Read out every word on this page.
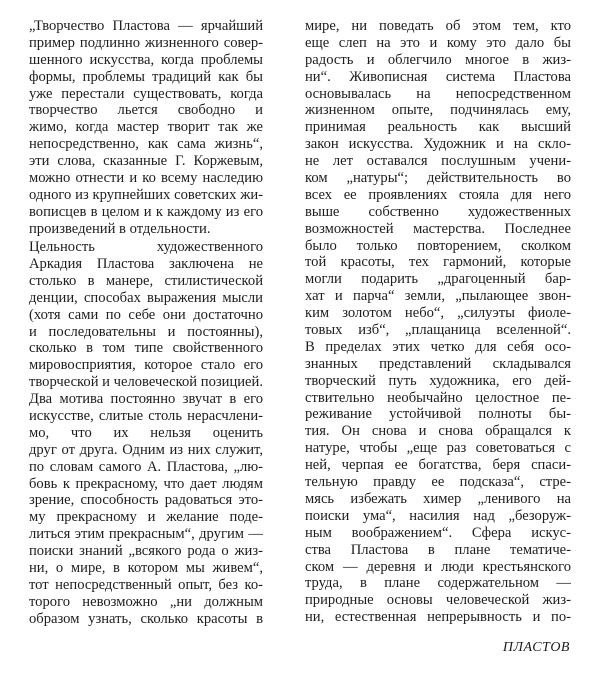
„Творчество Пластова — ярчайший
пример подлинно жизненного совер-
шенного искусства, когда проблемы
формы, проблемы традиций как бы
уже перестали существовать, когда
творчество льется свободно и
жимо, когда мастер творит так же
непосредственно, как сама жизнь“,
эти слова, сказанные Г. Коржевым,
можно отнести и ко всему наследию
одного из крупнейших советских жи-
вописцев в целом и к каждому из его
произведений в отдельности.
Цельность художественного
Аркадия Пластова заключена не
столько в манере, стилистической
денции, способах выражения мысли
(хотя сами по себе они достаточно
и последовательны и постоянны),
сколько в том типе свойственного
мировосприятия, которое стало его
творческой и человеческой позицией.
Два мотива постоянно звучат в его
искусстве, слитые столь нерасчлени-
мо, что их нельзя оценить
друг от друга. Одним из них служит,
по словам самого А. Пластова, „лю-
бовь к прекрасному, что дает людям
зрение, способность радоваться это-
му прекрасному и желание поде-
литься этим прекрасным“, другим —
поиски знаний „всякого рода о жиз-
ни, о мире, в котором мы живем“,
тот непосредственный опыт, без ко-
торого невозможно „ни должным
образом узнать, сколько красоты в
мире, ни поведать об этом тем, кто
еще слеп на это и кому это дало бы
радость и облегчило многое в жиз-
ни“. Живописная система Пластова
основывалась на непосредственном
жизненном опыте, подчинялась ему,
принимая реальность как высший
закон искусства. Художник и на скло-
не лет оставался послушным учени-
ком „натуры“; действительность во
всех ее проявлениях стояла для него
выше собственно художественных
возможностей мастерства. Последнее
было только повторением, сколком
той красоты, тех гармоний, которые
могли подарить „драгоценный бар-
хат и парча“ земли, „пылающее звон-
ким золотом небо“, „силуэты фиоле-
товых изб“, „плащаница вселенной“.
В пределах этих четко для себя осо-
знанных представлений складывался
творческий путь художника, его дей-
ствительно необычайно целостное пе-
реживание устойчивой полноты бы-
тия. Он снова и снова обращался к
натуре, чтобы „еще раз советоваться с
ней, черпая ее богатства, беря спаси-
тельную правду ее подсказа“, стре-
мясь избежать химер „ленивого на
поиски ума“, насилия над „безоруж-
ным воображением“. Сфера искус-
ства Пластова в плане тематиче-
ском — деревня и люди крестьянского
труда, в плане содержательном —
природные основы человеческой жиз-
ни, естественная непрерывность и по-
ПЛАСТОВ
